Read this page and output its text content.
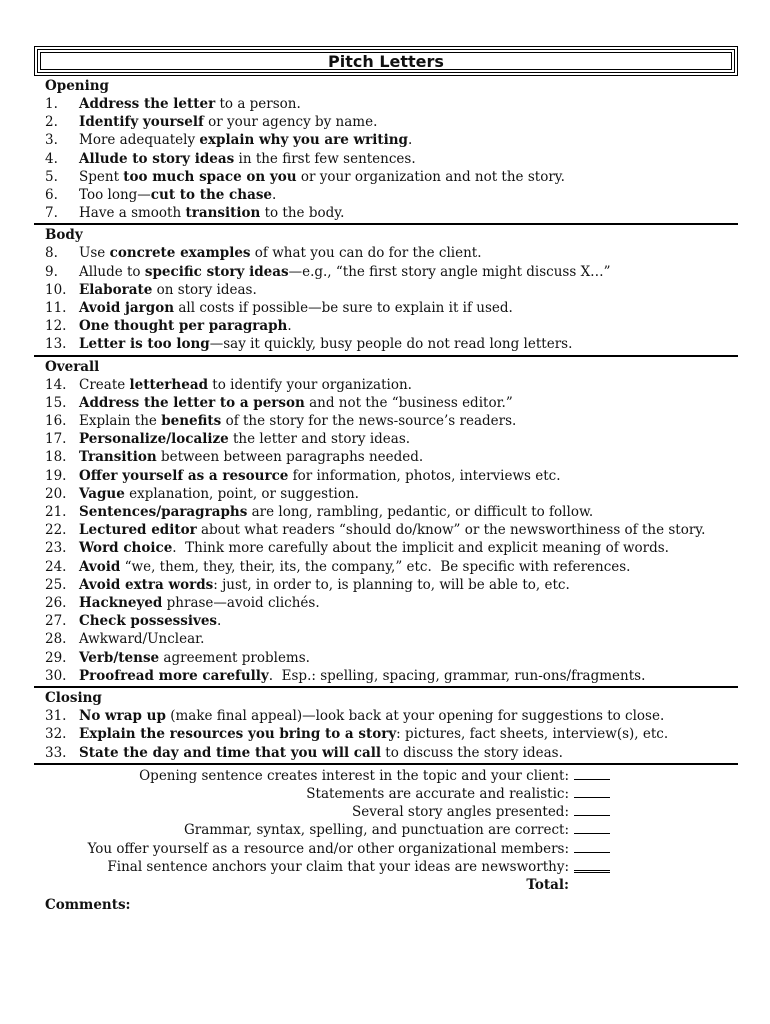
Pitch Letters
Opening
1.	Address the letter to a person.
2.	Identify yourself or your agency by name.
3.	More adequately explain why you are writing.
4.	Allude to story ideas in the first few sentences.
5.	Spent too much space on you or your organization and not the story.
6.	Too long—cut to the chase.
7.	Have a smooth transition to the body.
Body
8.	Use concrete examples of what you can do for the client.
9.	Allude to specific story ideas—e.g., “the first story angle might discuss X…”
10. Elaborate on story ideas.
11. Avoid jargon all costs if possible—be sure to explain it if used.
12. One thought per paragraph.
13. Letter is too long—say it quickly, busy people do not read long letters.
Overall
14. Create letterhead to identify your organization.
15. Address the letter to a person and not the “business editor.”
16. Explain the benefits of the story for the news-source’s readers.
17. Personalize/localize the letter and story ideas.
18. Transition between between paragraphs needed.
19. Offer yourself as a resource for information, photos, interviews etc.
20. Vague explanation, point, or suggestion.
21. Sentences/paragraphs are long, rambling, pedantic, or difficult to follow.
22. Lectured editor about what readers “should do/know” or the newsworthiness of the story.
23. Word choice.  Think more carefully about the implicit and explicit meaning of words.
24. Avoid “we, them, they, their, its, the company,” etc.  Be specific with references.
25. Avoid extra words: just, in order to, is planning to, will be able to, etc.
26. Hackneyed phrase—avoid clichés.
27. Check possessives.
28. Awkward/Unclear.
29. Verb/tense agreement problems.
30. Proofread more carefully.  Esp.: spelling, spacing, grammar, run-ons/fragments.
Closing
31. No wrap up (make final appeal)—look back at your opening for suggestions to close.
32. Explain the resources you bring to a story: pictures, fact sheets, interview(s), etc.
33. State the day and time that you will call to discuss the story ideas.
Opening sentence creates interest in the topic and your client:
Statements are accurate and realistic:
Several story angles presented:
Grammar, syntax, spelling, and punctuation are correct:
You offer yourself as a resource and/or other organizational members:
Final sentence anchors your claim that your ideas are newsworthy:
Total:
Comments:
